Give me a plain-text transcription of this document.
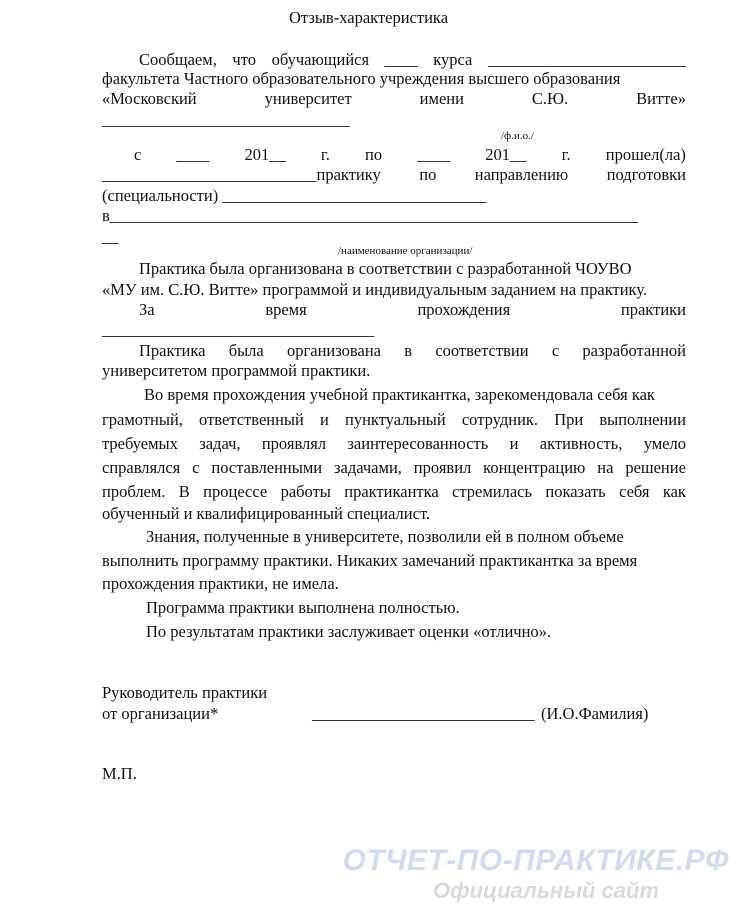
Отзыв-характеристика
Сообщаем, что обучающийся ____ курса ________________________
факультета Частного образовательного учреждения высшего образования
«Московский	университет	имени	С.Ю.	Витте»
______________________________
/ф.и.о./
с ____ 201__ г. по ____ 201__ г. прошел(ла)
__________________________практику по направлению подготовки
(специальности) ________________________________
в________________________________________________________________
__
/наименование организации/
Практика была организована в соответствии с разработанной ЧОУВО
«МУ им. С.Ю. Витте» программой и индивидуальным заданием на практику.
За	время	прохождения	практики
_________________________________
Практика была организована в соответствии с разработанной
университетом программой практики.
Во время прохождения учебной практикантка, зарекомендовала себя как
грамотный, ответственный и пунктуальный сотрудник. При выполнении
требуемых задач, проявлял заинтересованность и активность, умело
справлялся с поставленными задачами, проявил концентрацию на решение
проблем. В процессе работы практикантка стремилась показать себя как
обученный и квалифицированный специалист.
Знания, полученные в университете, позволили ей в полном объеме
выполнить программу практики. Никаких замечаний практикантка за время
прохождения практики, не имела.
Программа практики выполнена полностью.
По результатам практики заслуживает оценки «отлично».
Руководитель практики
от организации*	___________________________ (И.О.Фамилия)
М.П.
ОТЧЕТ-ПО-ПРАКТИКЕ.РФ
Официальный сайт
